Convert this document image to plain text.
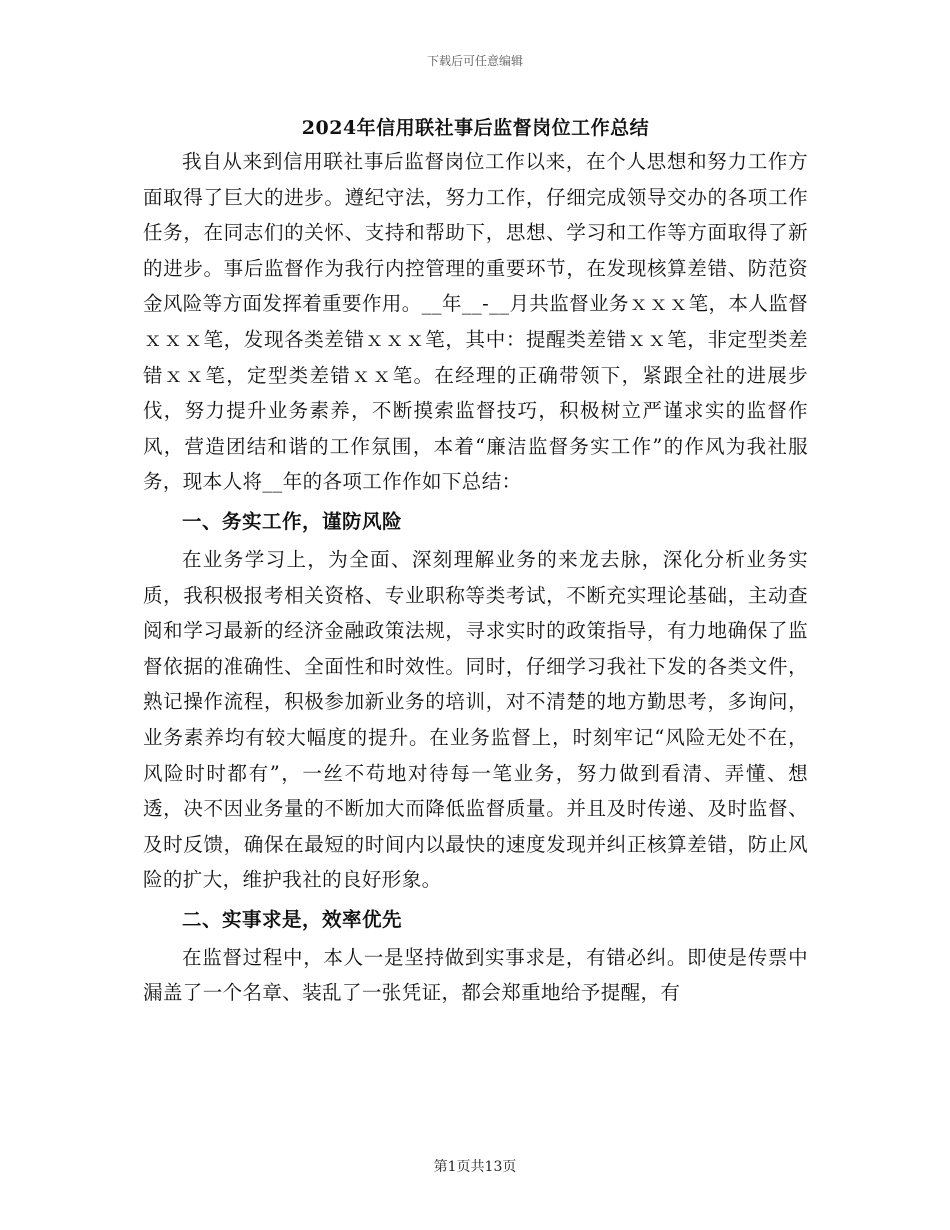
下载后可任意编辑
2024年信用联社事后监督岗位工作总结

我自从来到信用联社事后监督岗位工作以来，在个人思想和努力工作方面取得了巨大的进步。遵纪守法，努力工作，仔细完成领导交办的各项工作任务，在同志们的关怀、支持和帮助下，思想、学习和工作等方面取得了新的进步。事后监督作为我行内控管理的重要环节，在发现核算差错、防范资金风险等方面发挥着重要作用。__年__-__月共监督业务ｘｘｘ笔，本人监督ｘｘｘ笔，发现各类差错ｘｘｘ笔，其中：提醒类差错ｘｘ笔，非定型类差错ｘｘ笔，定型类差错ｘｘ笔。在经理的正确带领下，紧跟全社的进展步伐，努力提升业务素养，不断摸索监督技巧，积极树立严谨求实的监督作风，营造团结和谐的工作氛围，本着“廉洁监督务实工作”的作风为我社服务，现本人将__年的各项工作作如下总结：

一、务实工作，谨防风险

在业务学习上，为全面、深刻理解业务的来龙去脉，深化分析业务实质，我积极报考相关资格、专业职称等类考试，不断充实理论基础，主动查阅和学习最新的经济金融政策法规，寻求实时的政策指导，有力地确保了监督依据的准确性、全面性和时效性。同时，仔细学习我社下发的各类文件，熟记操作流程，积极参加新业务的培训，对不清楚的地方勤思考，多询问，业务素养均有较大幅度的提升。在业务监督上，时刻牢记“风险无处不在，风险时时都有”，一丝不苟地对待每一笔业务，努力做到看清、弄懂、想透，决不因业务量的不断加大而降低监督质量。并且及时传递、及时监督、及时反馈，确保在最短的时间内以最快的速度发现并纠正核算差错，防止风险的扩大，维护我社的良好形象。

二、实事求是，效率优先

在监督过程中，本人一是坚持做到实事求是，有错必纠。即使是传票中漏盖了一个名章、装乱了一张凭证，都会郑重地给予提醒，有

第1页共13页
